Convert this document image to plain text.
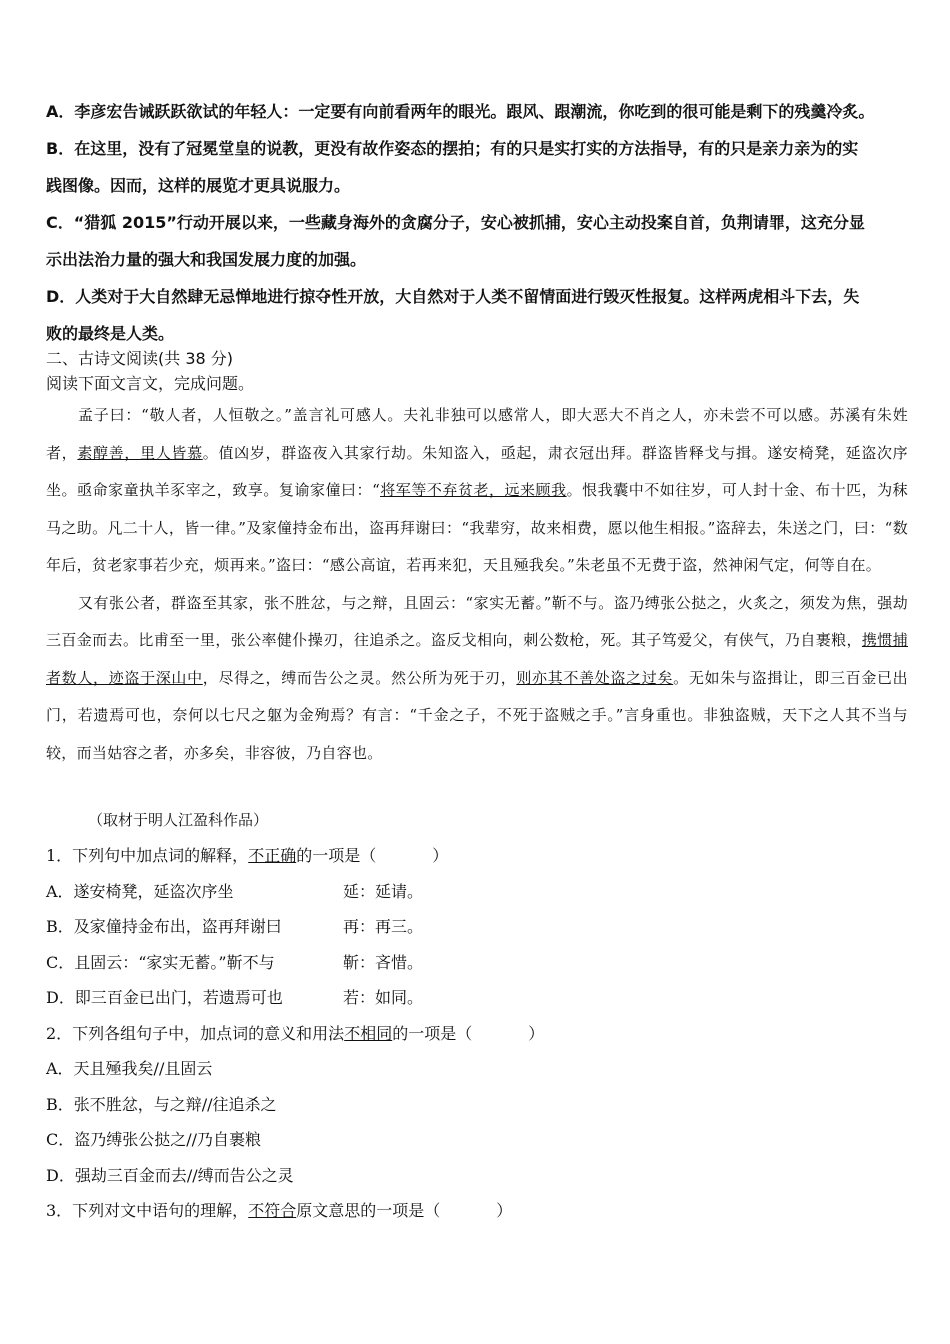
A．李彦宏告诫跃跃欲试的年轻人：一定要有向前看两年的眼光。跟风、跟潮流，你吃到的很可能是剩下的残羹冷炙。

B．在这里，没有了冠冕堂皇的说教，更没有故作姿态的摆拍；有的只是实打实的方法指导，有的只是亲力亲为的实

践图像。因而，这样的展览才更具说服力。

C．“猎狐 2015”行动开展以来，一些藏身海外的贪腐分子，安心被抓捕，安心主动投案自首，负荆请罪，这充分显

示出法治力量的强大和我国发展力度的加强。

D．人类对于大自然肆无忌惮地进行掠夺性开放，大自然对于人类不留情面进行毁灭性报复。这样两虎相斗下去，失

败的最终是人类。

二、古诗文阅读(共 38 分)
阅读下面文言文，完成问题。

孟子曰：“敬人者，人恒敬之。”盖言礼可感人。夫礼非独可以感常人，即大恶大不肖之人，亦未尝不可以感。苏溪有朱姓者，素醇善，里人皆慕。值凶岁，群盗夜入其家行劫。朱知盗入，亟起，肃衣冠出拜。群盗皆释戈与揖。遂安椅凳，延盗次序坐。亟命家童执羊豕宰之，致享。复谕家僮曰：“将军等不弃贫老，远来顾我。恨我囊中不如往岁，可人封十金、布十匹，为秣马之助。凡二十人，皆一律。”及家僮持金布出，盗再拜谢曰：“我辈穷，故来相费，愿以他生相报。”盗辞去，朱送之门，曰：“数年后，贫老家事若少充，烦再来。”盗曰：“感公高谊，若再来犯，天且殛我矣。”朱老虽不无费于盗，然神闲气定，何等自在。

又有张公者，群盗至其家，张不胜忿，与之辩，且固云：“家实无蓄。”靳不与。盗乃缚张公挞之，火炙之，须发为焦，强劫三百金而去。比甫至一里，张公率健仆操刃，往追杀之。盗反戈相向，刺公数枪，死。其子笃爱父，有侠气，乃自裹粮，携惯捕者数人，迹盗于深山中，尽得之，缚而告公之灵。然公所为死于刃，则亦其不善处盗之过矣。无如朱与盗揖让，即三百金已出门，若遗焉可也，奈何以七尺之躯为金殉焉？有言：“千金之子，不死于盗贼之手。”言身重也。非独盗贼，天下之人其不当与较，而当姑容之者，亦多矣，非容彼，乃自容也。

（取材于明人江盈科作品）
1．下列句中加点词的解释，不正确的一项是（	）
A．遂安椅凳，延盗次序坐	延：延请。
B．及家僮持金布出，盗再拜谢曰	再：再三。
C．且固云：“家实无蓄。”靳不与	靳：吝惜。
D．即三百金已出门，若遗焉可也	若：如同。
2．下列各组句子中，加点词的意义和用法不相同的一项是（	）
A．天且殛我矣//且固云
B．张不胜忿，与之辩//往追杀之
C．盗乃缚张公挞之//乃自裹粮
D．强劫三百金而去//缚而告公之灵
3．下列对文中语句的理解，不符合原文意思的一项是（	）
